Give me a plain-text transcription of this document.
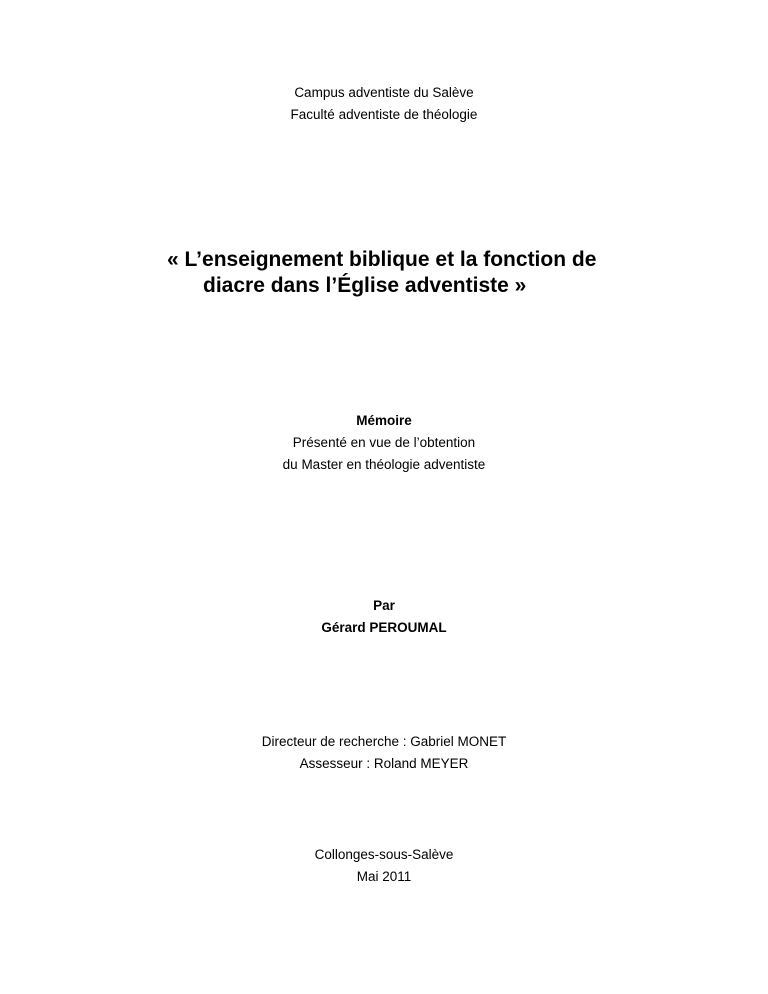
Campus adventiste du Salève

Faculté adventiste de théologie

« L’enseignement biblique et la fonction de
diacre dans l’Église adventiste »

Mémoire

Présenté en vue de l’obtention

du Master en théologie adventiste

Par

Gérard PEROUMAL

Directeur de recherche : Gabriel MONET

Assesseur : Roland MEYER

Collonges-sous-Salève

Mai 2011
